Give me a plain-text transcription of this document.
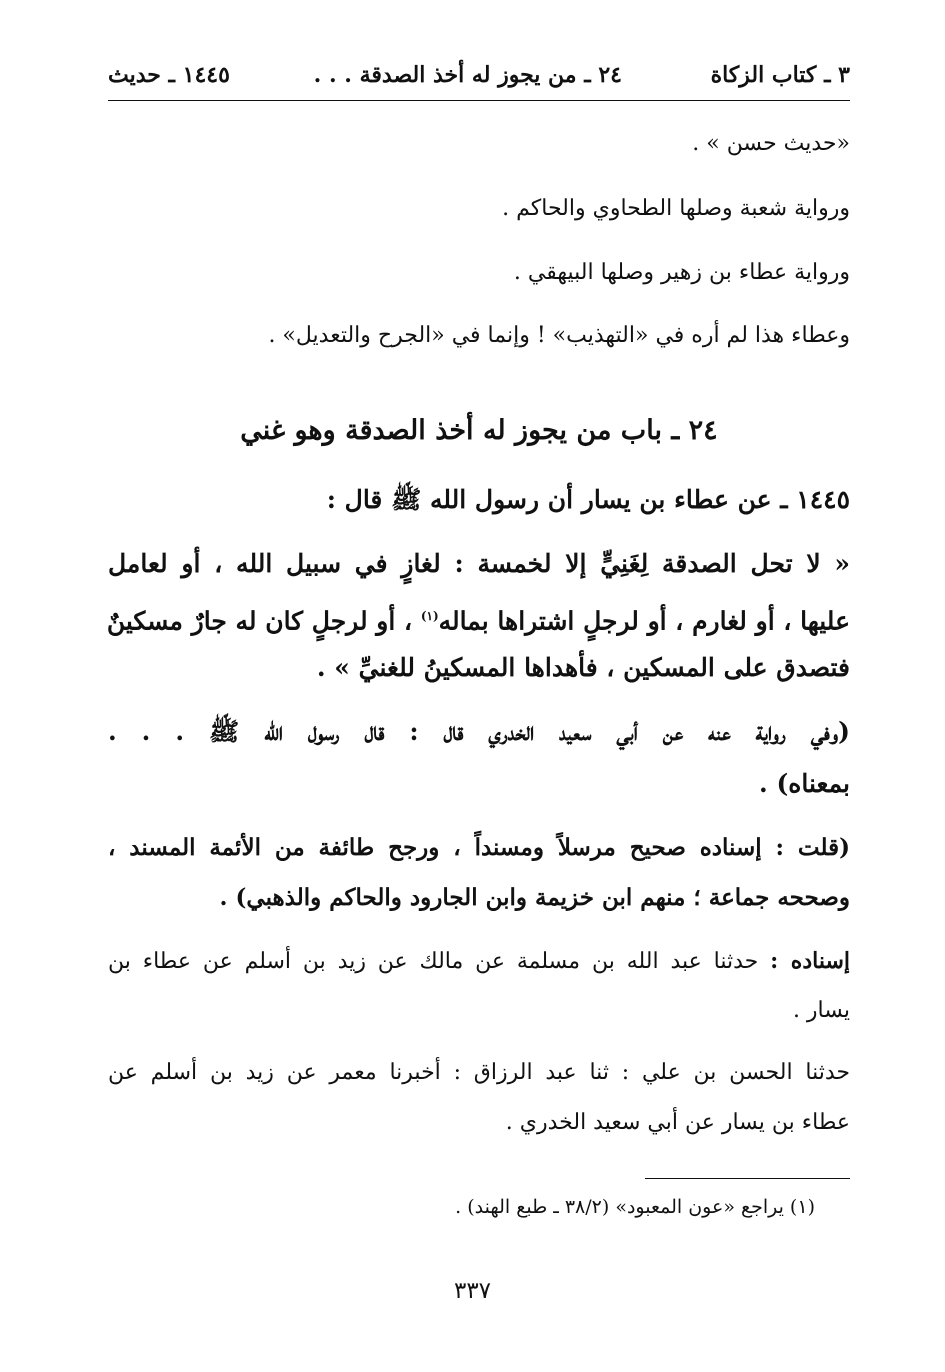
٣ ـ كتاب الزكاة
٢٤ ـ من يجوز له أخذ الصدقة . . .
١٤٤٥ ـ حديث
«حديث حسن » .
ورواية شعبة وصلها الطحاوي والحاكم .
ورواية عطاء بن زهير وصلها البيهقي .
وعطاء هذا لم أره في «التهذيب» ! وإنما في «الجرح والتعديل» .
٢٤ ـ باب من يجوز له أخذ الصدقة وهو غني
١٤٤٥ ـ عن عطاء بن يسار أن رسول الله ﷺ قال :
« لا تحل الصدقة لِغَنِيٍّ إلا لخمسة : لغازٍ في سبيل الله ، أو لعامل
عليها ، أو لغارم ، أو لرجلٍ اشتراها بماله$^{(١)}$ ، أو لرجلٍ كان له جارٌ مسكينٌ
فتصدق على المسكين ، فأهداها المسكينُ للغنيِّ » .
(وفي رواية عنه عن أبي سعيد الخدري قال : قال رسول الله ﷺ . . .
بمعناه) .
(قلت : إسناده صحيح مرسلاً ومسنداً ، ورجح طائفة من الأئمة المسند ،
وصححه جماعة ؛ منهم ابن خزيمة وابن الجارود والحاكم والذهبي) .
إسناده : حدثنا عبد الله بن مسلمة عن مالك عن زيد بن أسلم عن عطاء بن
يسار .
حدثنا الحسن بن علي : ثنا عبد الرزاق : أخبرنا معمر عن زيد بن أسلم عن
عطاء بن يسار عن أبي سعيد الخدري .
(١) يراجع «عون المعبود» (٣٨/٢ ـ طبع الهند) .
٣٣٧
